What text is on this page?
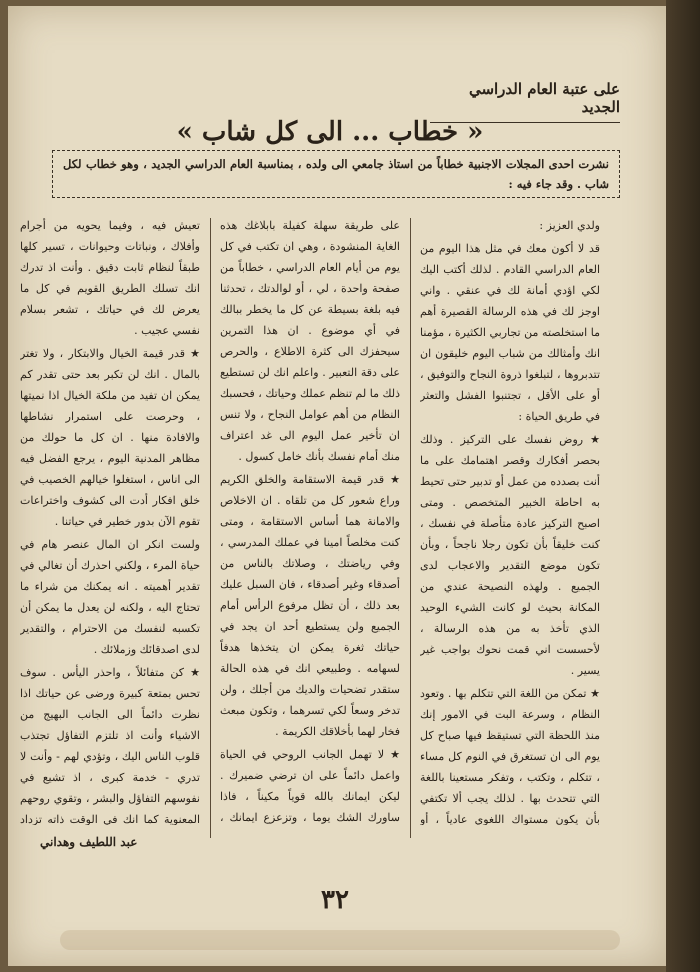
على عتبة العام الدراسي الجديد
« خطاب ... الى كل شاب »
نشرت احدى المجلات الاجنبية خطاباً من استاذ جامعي الى ولده ، بمناسبة العام الدراسي الجديد ، وهو خطاب لكل شاب . وقد جاء فيه :

ولدي العزيز :

قد لا أكون معك في مثل هذا اليوم من العام الدراسي القادم . لذلك أكتب اليك لكي اؤدي أمانة لك في عنقي . واني اوجز لك في هذه الرسالة القصيرة أهم ما استخلصته من تجاربي الكثيرة ، مؤمنا انك وأمثالك من شباب اليوم خليقون ان تتدبروها ، لتبلغوا ذروة النجاح والتوفيق ، أو على الأقل ، تجتنبوا الفشل والتعثر في طريق الحياة :

★ روض نفسك على التركيز . وذلك بحصر أفكارك وقصر اهتمامك على ما أنت بصدده من عمل أو تدبير حتى تحيط به احاطة الخبير المتخصص . ومتى اصبح التركيز عادة متأصلة في نفسك ، كنت خليقاً بأن تكون رجلا ناجحاً ، وبأن تكون موضع التقدير والاعجاب لدى الجميع . ولهذه النصيحة عندي من المكانة بحيث لو كانت الشيء الوحيد الذي تأخذ به من هذه الرسالة ، لأحسست اني قمت نحوك بواجب غير يسير .

★ تمكن من اللغة التي تتكلم بها . وتعود النظام ، وسرعة البت في الامور إنك منذ اللحظة التي تستيقظ فيها صباح كل يوم الى ان تستغرق في النوم كل مساء ، تتكلم ، وتكتب ، وتفكر مستعينا باللغة التي تتحدث بها . لذلك يجب ألا تكتفي بأن يكون مستواك اللغوي عادياً ، أو

على طريقة سهلة كفيلة بابلاغك هذه الغاية المنشودة ، وهي ان تكتب في كل يوم من أيام العام الدراسي ، خطاباً من صفحة واحدة ، لي ، أو لوالدتك ، تحدثنا فيه بلغة بسيطة عن كل ما يخطر ببالك في أي موضوع . ان هذا التمرين سيحفزك الى كثرة الاطلاع ، والحرص على دقة التعبير . واعلم انك لن تستطيع ذلك ما لم تنظم عملك وحياتك ، فحسبك النظام من أهم عوامل النجاح ، ولا تنس ان تأخير عمل اليوم الى غد اعتراف منك أمام نفسك بأنك خامل كسول .

★ قدر قيمة الاستقامة والخلق الكريم وراع شعور كل من تلقاه . ان الاخلاص والامانة هما أساس الاستقامة ، ومتى كنت مخلصاً امينا في عملك المدرسي ، وفي رياضتك ، وصلاتك بالناس من أصدقاء وغير أصدقاء ، فان السبل عليك بعد ذلك ، أن تظل مرفوع الرأس أمام الجميع ولن يستطيع أحد ان يجد في حياتك ثغرة يمكن ان يتخذها هدفاً لسهامه . وطبيعي انك في هذه الحالة ستقدر تضحيات والديك من أجلك ، ولن تدخر وسعاً لكي تسرهما ، وتكون مبعث فخار لهما بأخلاقك الكريمة .

★ لا تهمل الجانب الروحي في الحياة واعمل دائماً على ان ترضي ضميرك . ليكن ايمانك بالله قوياً مكيناً ، فاذا ساورك الشك يوما ، وتزعزع ايمانك ،

تعيش فيه ، وفيما يحويه من أجرام وأفلاك ، ونباتات وحيوانات ، تسير كلها طبقاً لنظام ثابت دقيق . وأنت اذ تدرك انك تسلك الطريق القويم في كل ما يعرض لك في حياتك ، تشعر بسلام نفسي عجيب .

★ قدر قيمة الخيال والابتكار ، ولا تغتر بالمال . انك لن تكبر بعد حتى تقدر كم يمكن ان تفيد من ملكة الخيال اذا نميتها ، وحرصت على استمرار نشاطها والافادة منها . ان كل ما حولك من مظاهر المدنية اليوم ، يرجع الفضل فيه الى اناس ، استغلوا خيالهم الخصيب في خلق افكار أدت الى كشوف واختراعات تقوم الآن بدور خطير في حياتنا .

ولست انكر ان المال عنصر هام في حياة المرء ، ولكني احذرك أن تغالي في تقدير أهميته . انه يمكنك من شراء ما تحتاج اليه ، ولكنه لن يعدل ما يمكن أن تكسبه لنفسك من الاحترام ، والتقدير لدى اصدقائك وزملائك .

★ كن متفائلاً ، واحذر اليأس . سوف تحس بمتعة كبيرة ورضى عن حياتك اذا نظرت دائماً الى الجانب البهيج من الاشياء وأنت اذ تلتزم التفاؤل تجتذب قلوب الناس اليك ، وتؤدي لهم - وأنت لا تدري - خدمة كبرى ، اذ تشيع في نفوسهم التفاؤل والبشر ، وتقوي روحهم المعنوية كما انك في الوقت ذاته تزداد

عبد اللطيف وهداني
٣٢
